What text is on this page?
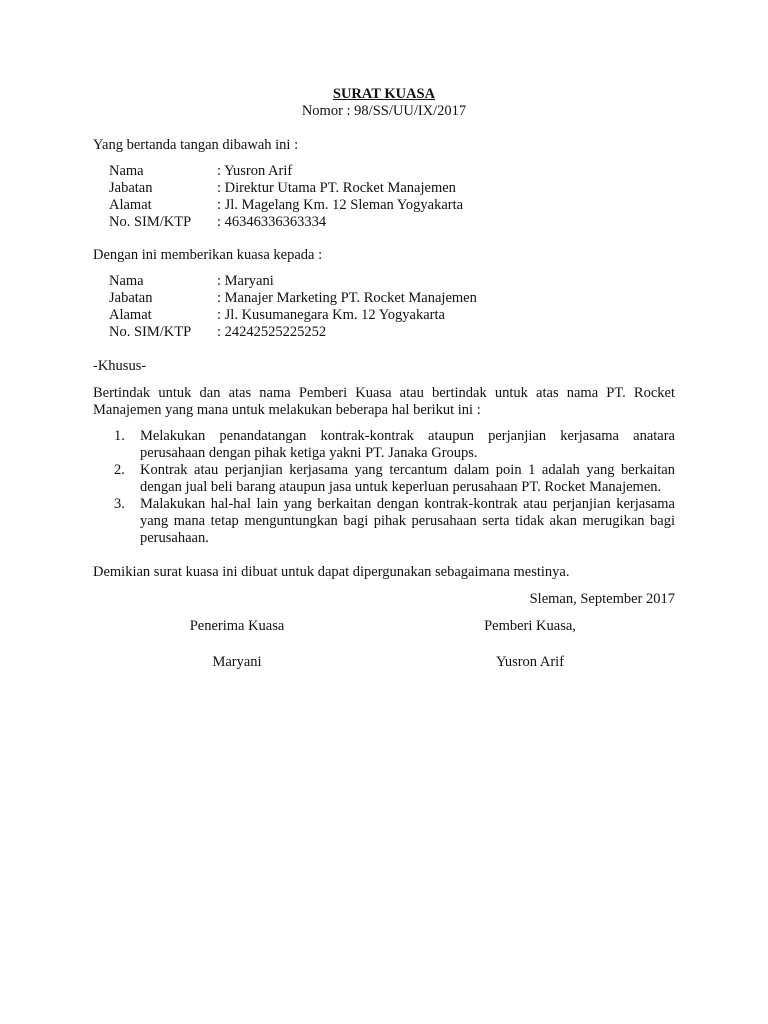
SURAT KUASA

Nomor : 98/SS/UU/IX/2017

Yang bertanda tangan dibawah ini :

Nama	: Yusron Arif
Jabatan	: Direktur Utama PT. Rocket Manajemen
Alamat	: Jl. Magelang Km. 12 Sleman Yogyakarta
No. SIM/KTP	: 46346336363334

Dengan ini memberikan kuasa kepada :

Nama	: Maryani
Jabatan	: Manajer Marketing PT. Rocket Manajemen
Alamat	: Jl. Kusumanegara Km. 12 Yogyakarta
No. SIM/KTP	: 24242525225252

-Khusus-

Bertindak untuk dan atas nama Pemberi Kuasa atau bertindak untuk atas nama PT. Rocket Manajemen yang mana untuk melakukan beberapa hal berikut ini :

1.	Melakukan penandatangan kontrak-kontrak ataupun perjanjian kerjasama anatara perusahaan dengan pihak ketiga yakni PT. Janaka Groups.
2.	Kontrak atau perjanjian kerjasama yang tercantum dalam poin 1 adalah yang berkaitan dengan jual beli barang ataupun jasa untuk keperluan perusahaan PT. Rocket Manajemen.
3.	Malakukan hal-hal lain yang berkaitan dengan kontrak-kontrak atau perjanjian kerjasama yang mana tetap menguntungkan bagi pihak perusahaan serta tidak akan merugikan bagi perusahaan.

Demikian surat kuasa ini dibuat untuk dapat dipergunakan sebagaimana mestinya.

Sleman, September 2017

Penerima Kuasa	Pemberi Kuasa,
Maryani	Yusron Arif
